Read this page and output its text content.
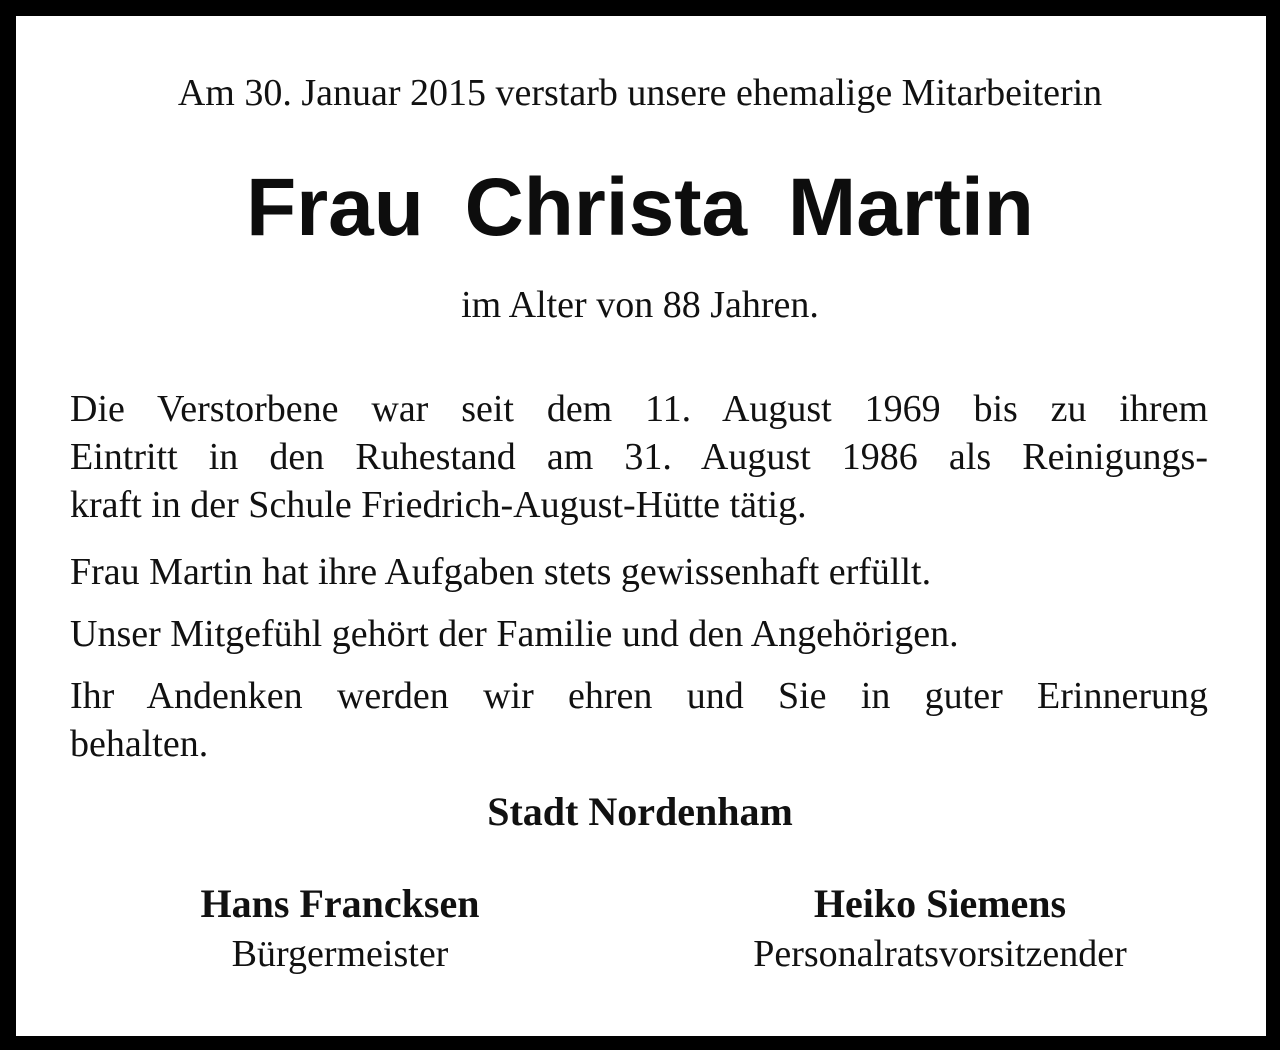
Am 30. Januar 2015 verstarb unsere ehemalige Mitarbeiterin
Frau Christa Martin
im Alter von 88 Jahren.
Die Verstorbene war seit dem 11. August 1969 bis zu ihrem
Eintritt in den Ruhestand am 31. August 1986 als Reinigungs-
kraft in der Schule Friedrich-August-Hütte tätig.
Frau Martin hat ihre Aufgaben stets gewissenhaft erfüllt.
Unser Mitgefühl gehört der Familie und den Angehörigen.
Ihr Andenken werden wir ehren und Sie in guter Erinnerung
behalten.
Stadt Nordenham
Hans Francksen
Bürgermeister
Heiko Siemens
Personalratsvorsitzender
